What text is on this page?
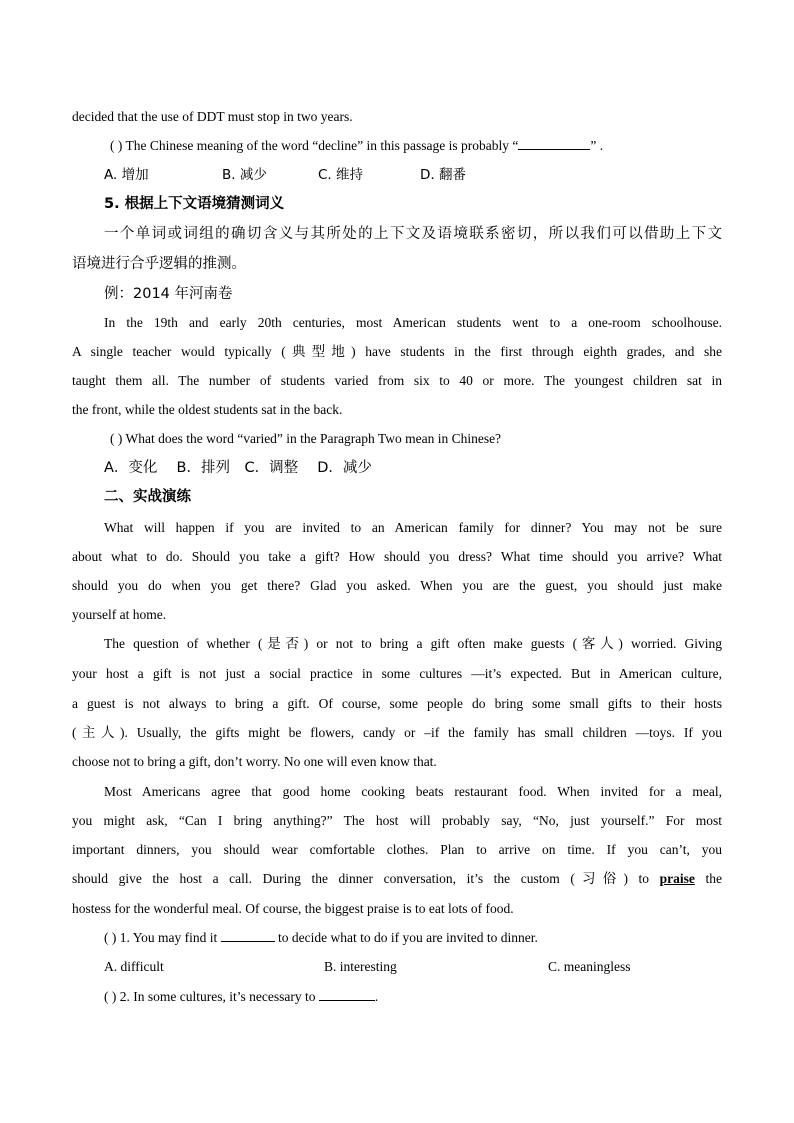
decided that the use of DDT must stop in two years.
( ) The Chinese meaning of the word “decline” in this passage is probably “	” .
A. 增加	B. 减少	C. 维持	D. 翻番
5. 根据上下文语境猜测词义
一个单词或词组的确切含义与其所处的上下文及语境联系密切，所以我们可以借助上下文
语境进行合乎逻辑的推测。
例：2014 年河南卷
In the 19th and early 20th centuries, most American students went to a one-room schoolhouse.
A single teacher would typically (典型地) have students in the first through eighth grades, and she
taught them all. The number of students varied from six to 40 or more. The youngest children sat in
the front, while the oldest students sat in the back.
( ) What does the word “varied” in the Paragraph Two mean in Chinese?
A．变化　 B．排列　C．调整　 D．减少
二、实战演练
What will happen if you are invited to an American family for dinner? You may not be sure
about what to do. Should you take a gift? How should you dress? What time should you arrive? What
should you do when you get there? Glad you asked. When you are the guest, you should just make
yourself at home.
The question of whether (是否) or not to bring a gift often make guests (客人) worried. Giving
your host a gift is not just a social practice in some cultures —it’s expected. But in American culture,
a guest is not always to bring a gift. Of course, some people do bring some small gifts to their hosts
(主人). Usually, the gifts might be flowers, candy or –if the family has small children —toys. If you
choose not to bring a gift, don’t worry. No one will even know that.
Most Americans agree that good home cooking beats restaurant food. When invited for a meal,
you might ask, “Can I bring anything?” The host will probably say, “No, just yourself.” For most
important dinners, you should wear comfortable clothes. Plan to arrive on time. If you can’t, you
should give the host a call. During the dinner conversation, it’s the custom (习俗) to praise the
hostess for the wonderful meal. Of course, the biggest praise is to eat lots of food.
( ) 1. You may find it	to decide what to do if you are invited to dinner.
A. difficult	B. interesting	C. meaningless
( ) 2. In some cultures, it’s necessary to	.
